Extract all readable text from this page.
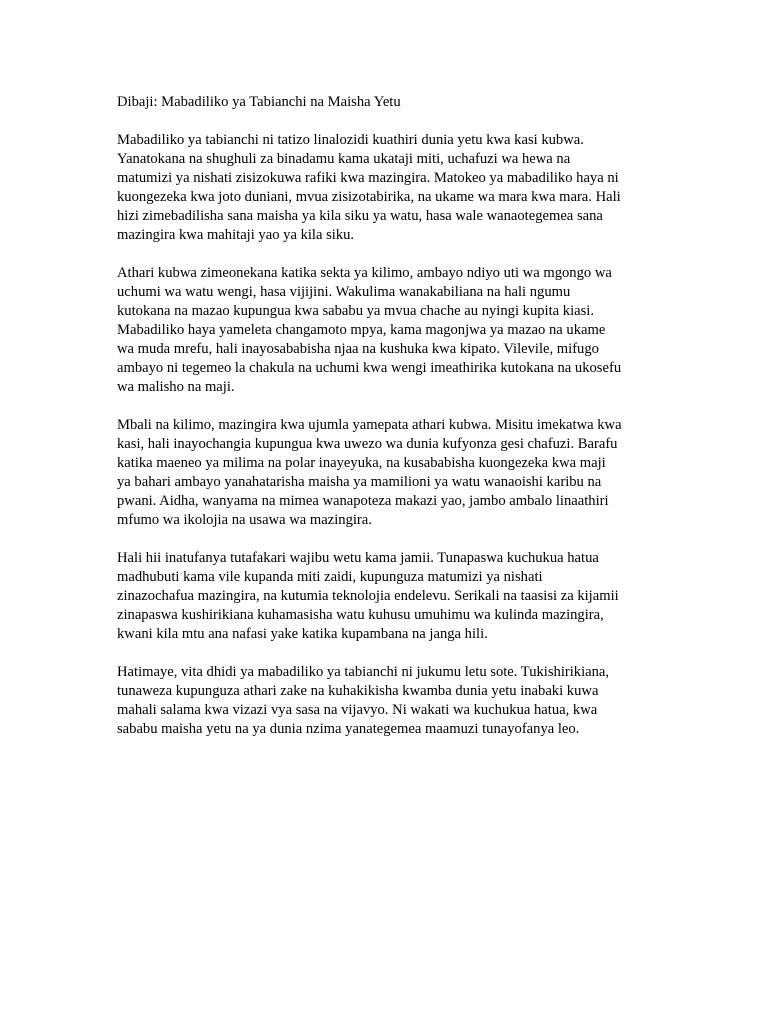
Dibaji: Mabadiliko ya Tabianchi na Maisha Yetu
Mabadiliko ya tabianchi ni tatizo linalozidi kuathiri dunia yetu kwa kasi kubwa.
Yanatokana na shughuli za binadamu kama ukataji miti, uchafuzi wa hewa na
matumizi ya nishati zisizokuwa rafiki kwa mazingira. Matokeo ya mabadiliko haya ni
kuongezeka kwa joto duniani, mvua zisizotabirika, na ukame wa mara kwa mara. Hali
hizi zimebadilisha sana maisha ya kila siku ya watu, hasa wale wanaotegemea sana
mazingira kwa mahitaji yao ya kila siku.
Athari kubwa zimeonekana katika sekta ya kilimo, ambayo ndiyo uti wa mgongo wa
uchumi wa watu wengi, hasa vijijini. Wakulima wanakabiliana na hali ngumu
kutokana na mazao kupungua kwa sababu ya mvua chache au nyingi kupita kiasi.
Mabadiliko haya yameleta changamoto mpya, kama magonjwa ya mazao na ukame
wa muda mrefu, hali inayosababisha njaa na kushuka kwa kipato. Vilevile, mifugo
ambayo ni tegemeo la chakula na uchumi kwa wengi imeathirika kutokana na ukosefu
wa malisho na maji.
Mbali na kilimo, mazingira kwa ujumla yamepata athari kubwa. Misitu imekatwa kwa
kasi, hali inayochangia kupungua kwa uwezo wa dunia kufyonza gesi chafuzi. Barafu
katika maeneo ya milima na polar inayeyuka, na kusababisha kuongezeka kwa maji
ya bahari ambayo yanahatarisha maisha ya mamilioni ya watu wanaoishi karibu na
pwani. Aidha, wanyama na mimea wanapoteza makazi yao, jambo ambalo linaathiri
mfumo wa ikolojia na usawa wa mazingira.
Hali hii inatufanya tutafakari wajibu wetu kama jamii. Tunapaswa kuchukua hatua
madhubuti kama vile kupanda miti zaidi, kupunguza matumizi ya nishati
zinazochafua mazingira, na kutumia teknolojia endelevu. Serikali na taasisi za kijamii
zinapaswa kushirikiana kuhamasisha watu kuhusu umuhimu wa kulinda mazingira,
kwani kila mtu ana nafasi yake katika kupambana na janga hili.
Hatimaye, vita dhidi ya mabadiliko ya tabianchi ni jukumu letu sote. Tukishirikiana,
tunaweza kupunguza athari zake na kuhakikisha kwamba dunia yetu inabaki kuwa
mahali salama kwa vizazi vya sasa na vijavyo. Ni wakati wa kuchukua hatua, kwa
sababu maisha yetu na ya dunia nzima yanategemea maamuzi tunayofanya leo.
